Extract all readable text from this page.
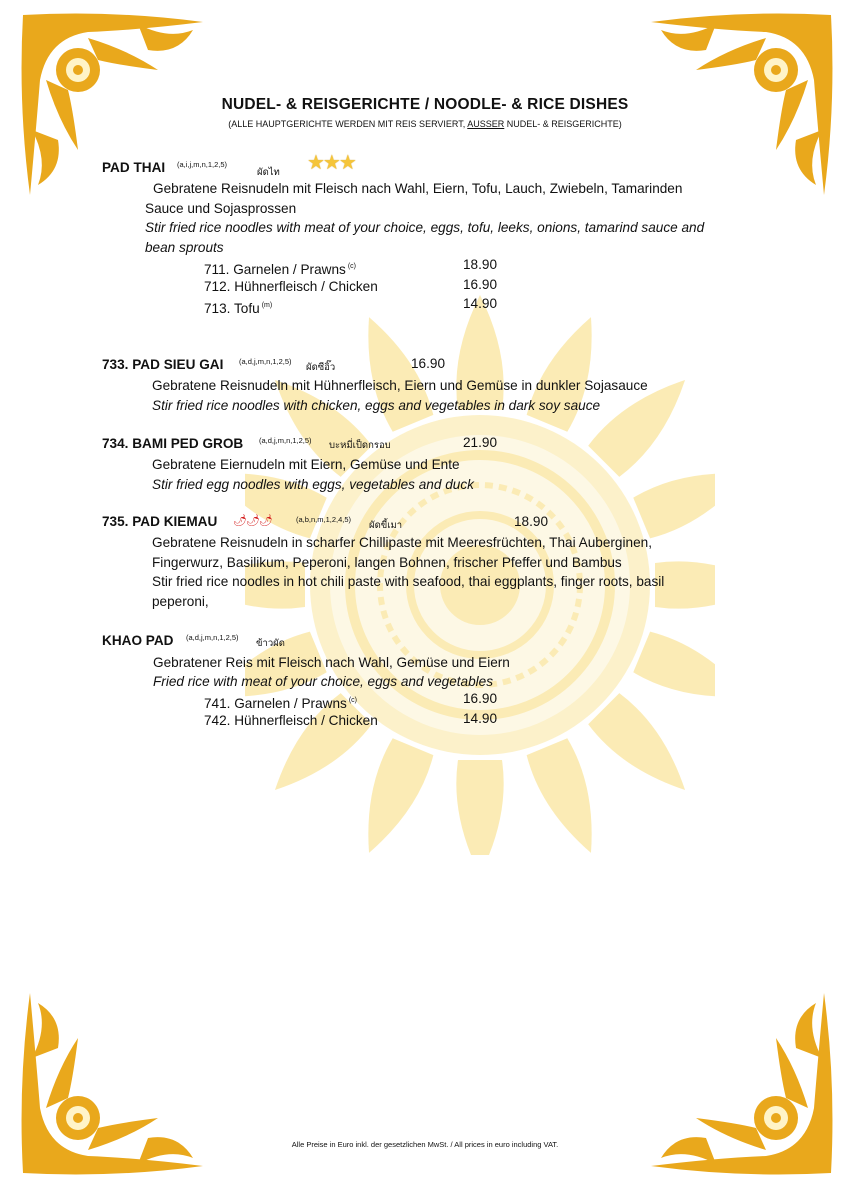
NUDEL- & REISGERICHTE / NOODLE- & RICE DISHES
(ALLE HAUPTGERICHTE WERDEN MIT REIS SERVIERT, AUSSER NUDEL- & REISGERICHTE)
PAD THAI (a,i,j,m,n,1,2,5)
ผัดไท ★★★
Gebratene Reisnudeln mit Fleisch nach Wahl, Eiern, Tofu, Lauch, Zwiebeln, Tamarinden
Sauce und Sojasprossen
Stir fried rice noodles with meat of your choice, eggs, tofu, leeks, onions, tamarind sauce and
bean sprouts
711. Garnelen / Prawns $^{(c)}$	18.90
712. Hühnerfleisch / Chicken	16.90
713. Tofu $^{(m)}$	14.90
733. PAD SIEU GAI (a,d,j,m,n,1,2,5)
ผัดซีอิ๊ว	16.90
Gebratene Reisnudeln mit Hühnerfleisch, Eiern und Gemüse in dunkler Sojasauce
Stir fried rice noodles with chicken, eggs and vegetables in dark soy sauce
734. BAMI PED GROB (a,d,j,m,n,1,2,5) บะหมี่เป็ดกรอบ	21.90
Gebratene Eiernudeln mit Eiern, Gemüse und Ente
Stir fried egg noodles with eggs, vegetables and duck
735. PAD KIEMAU 🌶🌶🌶	(a,b,n,m,1,2,4,5)
ผัดขี้เมา	18.90
Gebratene Reisnudeln in scharfer Chillipaste mit Meeresfrüchten, Thai Auberginen,
Fingerwurz, Basilikum, Peperoni, langen Bohnen, frischer Pfeffer und Bambus
Stir fried rice noodles in hot chili paste with seafood, thai eggplants, finger roots, basil
peperoni,
KHAO PAD (a,d,j,m,n,1,2,5)
ข้าวผัด
Gebratener Reis mit Fleisch nach Wahl, Gemüse und Eiern
Fried rice with meat of your choice, eggs and vegetables
741. Garnelen / Prawns $^{(c)}$	16.90
742. Hühnerfleisch / Chicken	14.90
Alle Preise in Euro inkl. der gesetzlichen MwSt. / All prices in euro including VAT.
